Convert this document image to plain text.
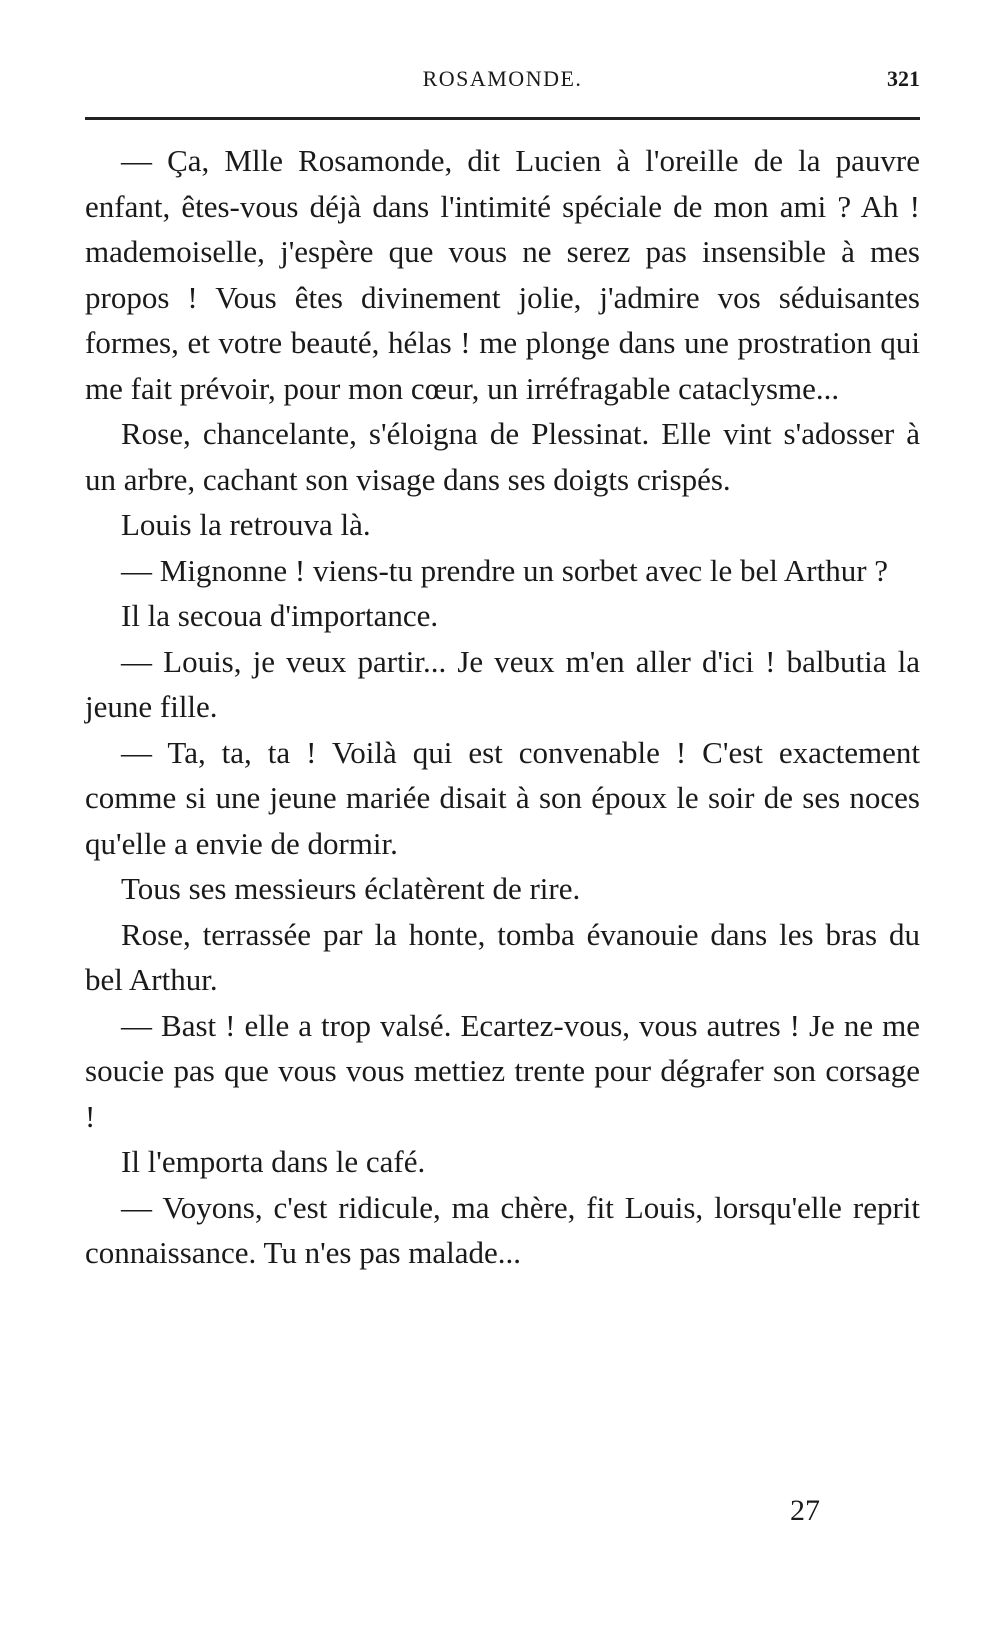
ROSAMONDE.	321

— Ça, Mlle Rosamonde, dit Lucien à l'oreille de la pauvre enfant, êtes-vous déjà dans l'intimité spéciale de mon ami ? Ah ! mademoiselle, j'espère que vous ne serez pas insensible à mes propos ! Vous êtes divinement jolie, j'admire vos séduisantes formes, et votre beauté, hélas ! me plonge dans une prostration qui me fait prévoir, pour mon cœur, un irréfragable cataclysme...

Rose, chancelante, s'éloigna de Plessinat. Elle vint s'adosser à un arbre, cachant son visage dans ses doigts crispés.

Louis la retrouva là.

— Mignonne ! viens-tu prendre un sorbet avec le bel Arthur ?

Il la secoua d'importance.

— Louis, je veux partir... Je veux m'en aller d'ici ! balbutia la jeune fille.

— Ta, ta, ta ! Voilà qui est convenable ! C'est exactement comme si une jeune mariée disait à son époux le soir de ses noces qu'elle a envie de dormir.

Tous ses messieurs éclatèrent de rire.

Rose, terrassée par la honte, tomba évanouie dans les bras du bel Arthur.

— Bast ! elle a trop valsé. Ecartez-vous, vous autres ! Je ne me soucie pas que vous vous mettiez trente pour dégrafer son corsage !

Il l'emporta dans le café.

— Voyons, c'est ridicule, ma chère, fit Louis, lorsqu'elle reprit connaissance. Tu n'es pas malade...

27
